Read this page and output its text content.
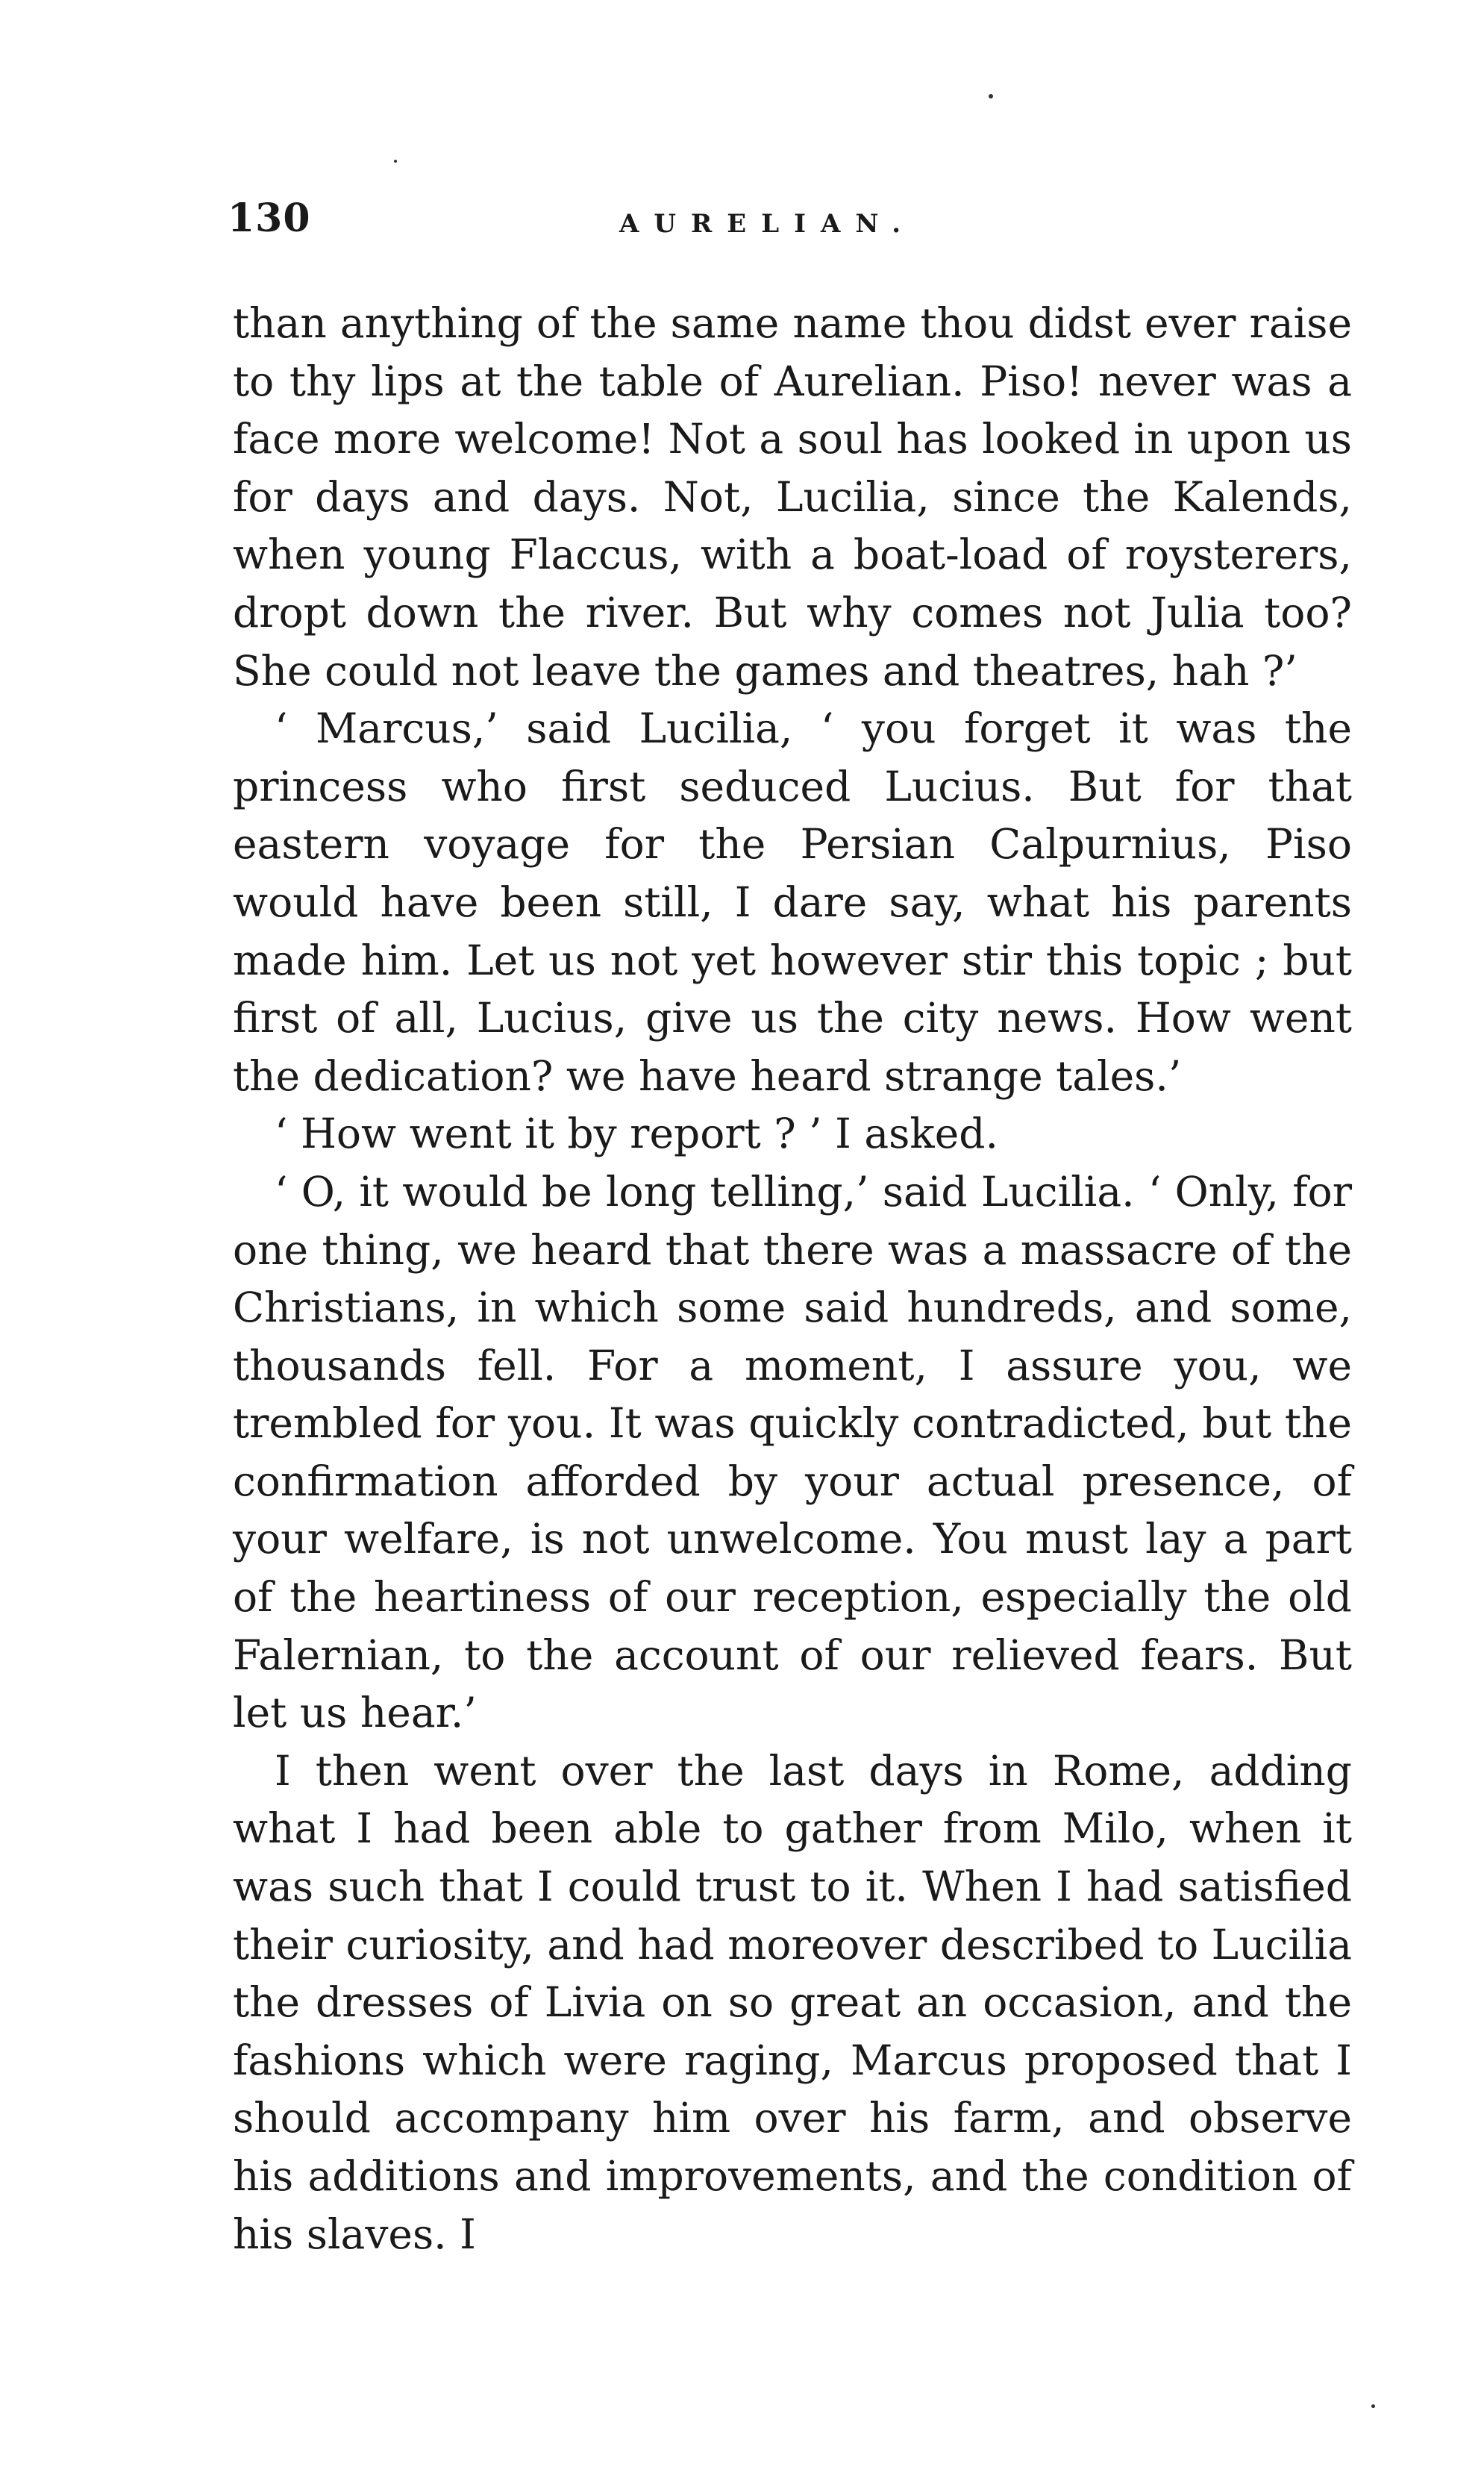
130	AURELIAN.

than anything of the same name thou didst ever raise to thy lips at the table of Aurelian. Piso! never was a face more welcome! Not a soul has looked in upon us for days and days. Not, Lucilia, since the Kalends, when young Flaccus, with a boat-load of roysterers, dropt down the river. But why comes not Julia too? She could not leave the games and theatres, hah ?’

‘ Marcus,’ said Lucilia, ‘ you forget it was the princess who first seduced Lucius. But for that eastern voyage for the Persian Calpurnius, Piso would have been still, I dare say, what his parents made him. Let us not yet however stir this topic ; but first of all, Lucius, give us the city news. How went the dedication? we have heard strange tales.’

‘ How went it by report ? ’ I asked.

‘ O, it would be long telling,’ said Lucilia. ‘ Only, for one thing, we heard that there was a massacre of the Christians, in which some said hundreds, and some, thousands fell. For a moment, I assure you, we trembled for you. It was quickly contradicted, but the confirmation afforded by your actual presence, of your welfare, is not unwelcome. You must lay a part of the heartiness of our reception, especially the old Falernian, to the account of our relieved fears. But let us hear.’

I then went over the last days in Rome, adding what I had been able to gather from Milo, when it was such that I could trust to it. When I had satisfied their curiosity, and had moreover described to Lucilia the dresses of Livia on so great an occasion, and the fashions which were raging, Marcus proposed that I should accompany him over his farm, and observe his additions and improvements, and the condition of his slaves. I
